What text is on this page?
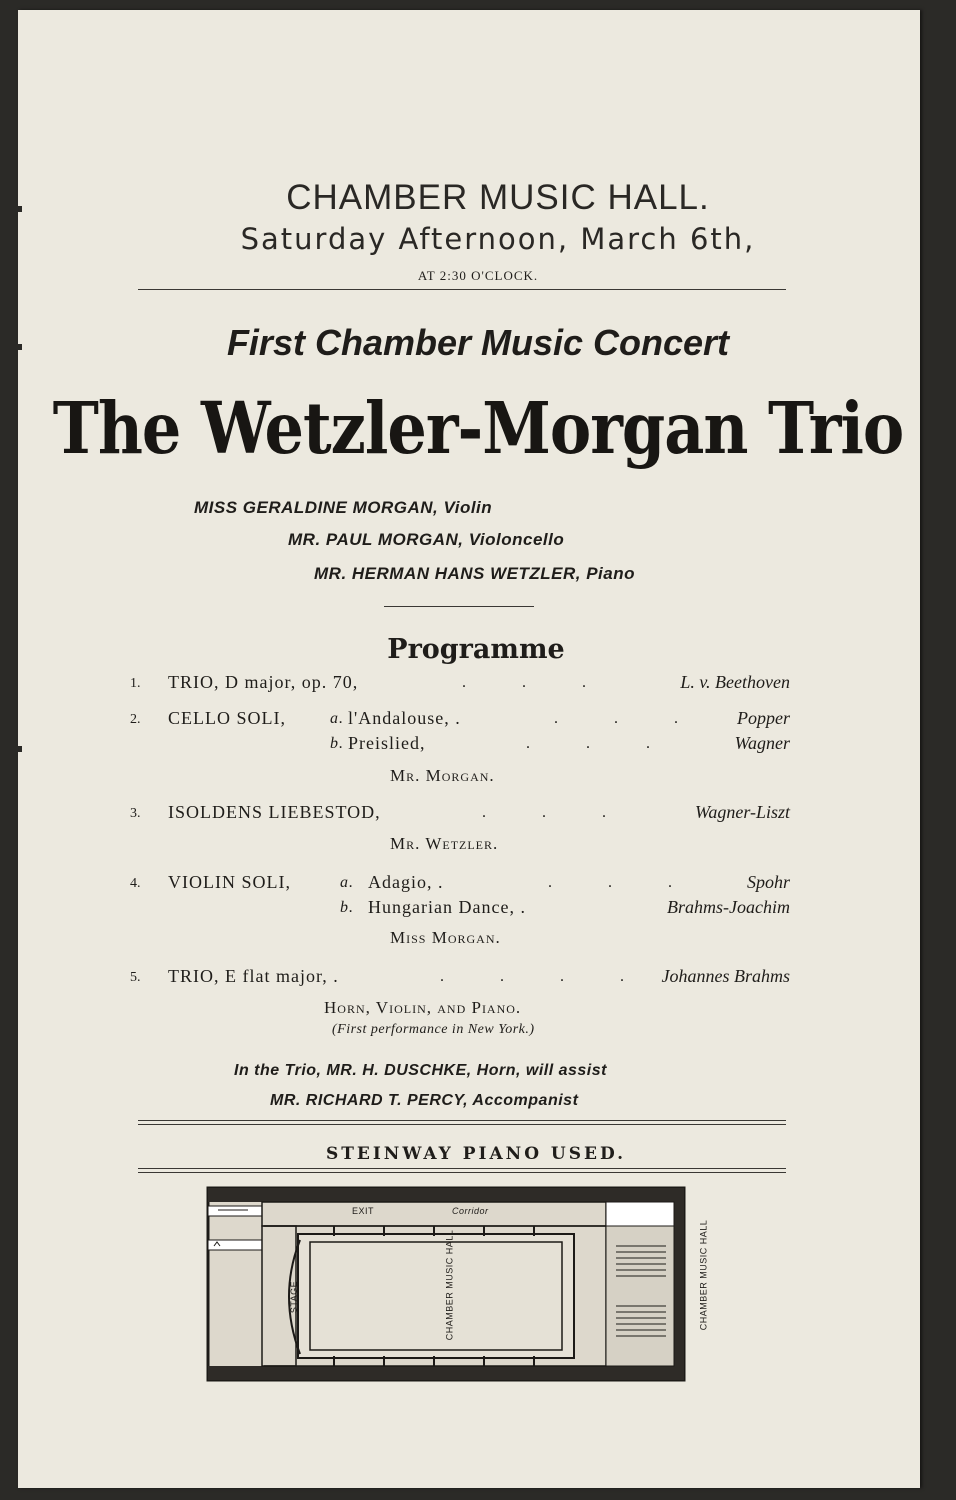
CHAMBER MUSIC HALL.
Saturday Afternoon, March 6th,
AT 2:30 O'CLOCK.
First Chamber Music Concert
The Wetzler-Morgan Trio
MISS GERALDINE MORGAN, Violin
MR. PAUL MORGAN, Violoncello
MR. HERMAN HANS WETZLER, Piano
Programme
1. TRIO, D major, op. 70,	.              .              .	L. v. Beethoven
2. CELLO SOLI,	a. l'Andalouse, .	.              .              .	Popper
b. Preislied,	.              .              .	Wagner
Mr. Morgan.
3. ISOLDENS LIEBESTOD,	.              .              .	Wagner-Liszt
Mr. Wetzler.
4. VIOLIN SOLI,	a. Adagio, .	.              .              .	Spohr
b. Hungarian Dance, .	Brahms-Joachim
Miss Morgan.
5. TRIO, E flat major, .	.              .              .              .	Johannes Brahms
Horn, Violin, and Piano.
(First performance in New York.)
In the Trio, MR. H. DUSCHKE, Horn, will assist
MR. RICHARD T. PERCY, Accompanist
STEINWAY PIANO USED.
CHAMBER MUSIC HALL
STAGE
EXIT	Corridor
CHAMBER MUSIC HALL
